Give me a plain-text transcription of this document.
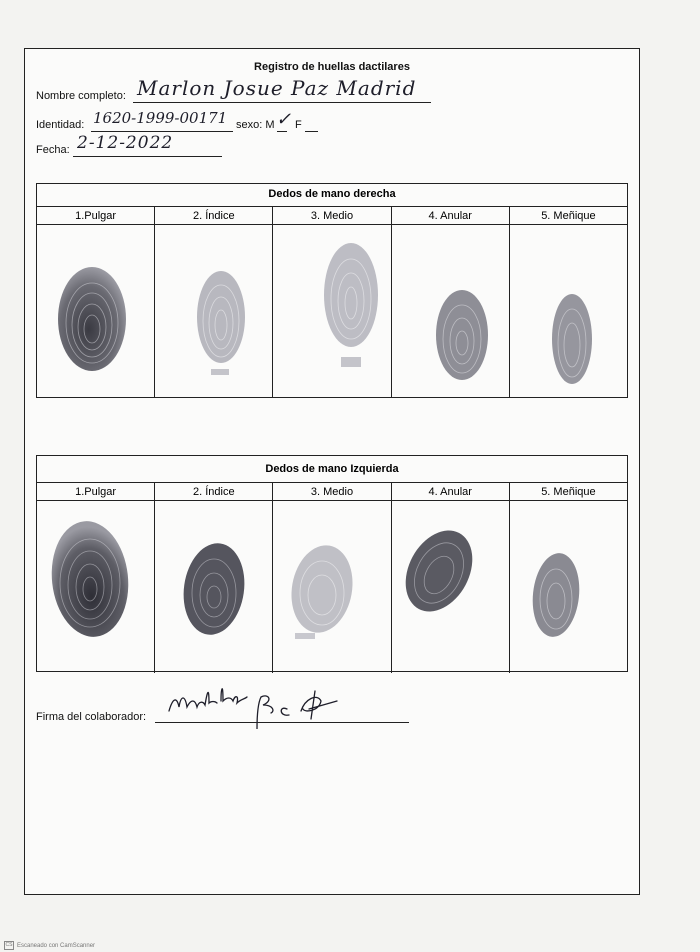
Registro de huellas dactilares
Nombre completo: Marlon Josue Paz Madrid
Identidad: 1620-1999-00171 sexo: M ✓ F
Fecha: 2-12-2022
Dedos de mano derecha
1.Pulgar	2. Índice	3. Medio	4. Anular	5. Meñique
Dedos de mano Izquierda
1.Pulgar	2. Índice	3. Medio	4. Anular	5. Meñique
Firma del colaborador:
CS Escaneado con CamScanner
